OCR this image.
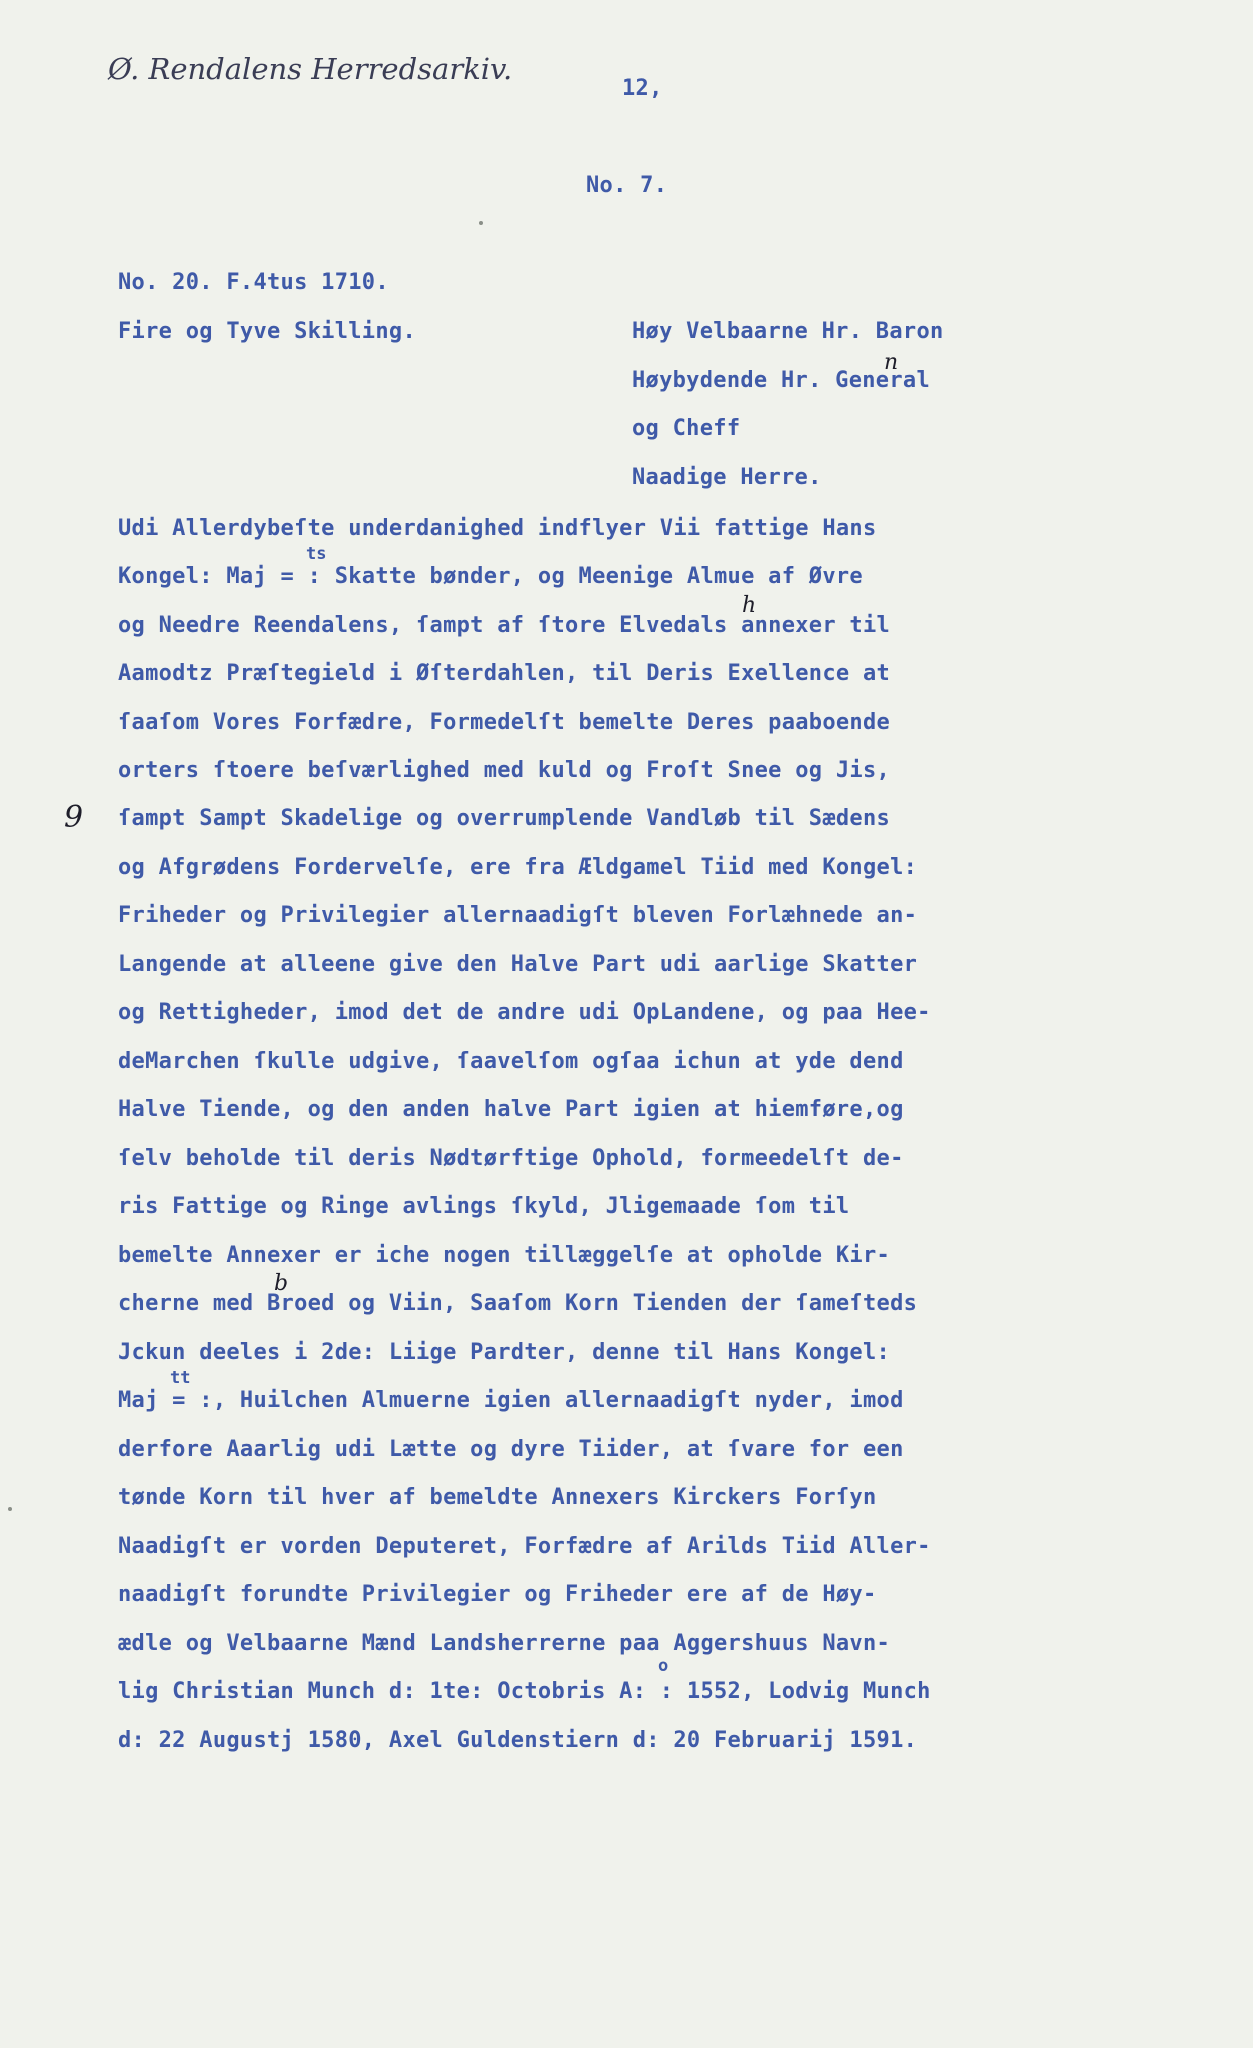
Ø. Rendalens Herredsarkiv.
12,
No. 7.
No. 20. F.4tus 1710.
Fire og Tyve Skilling.	Høy Velbaarne Hr. Baron
Høybydende Hr. General
og Cheff
Naadige Herre.
Udi Allerdybeſte underdanighed indflyer Vii fattige Hans
Kongel: Maj = : Skatte bønder, og Meenige Almue af Øvre
og Needre Reendalens, ſampt af ſtore Elvedals annexer til
Aamodtz Præſtegield i Øſterdahlen, til Deris Exellence at
ſaaſom Vores Forfædre, Formedelſt bemelte Deres paaboende
orters ſtoere beſværlighed med kuld og Froſt Snee og Jis,
ſampt Sampt Skadelige og overrumplende Vandløb til Sædens
og Afgrødens Fordervelſe, ere fra Ældgamel Tiid med Kongel:
Friheder og Privilegier allernaadigſt bleven Forlæhnede an-
Langende at alleene give den Halve Part udi aarlige Skatter
og Rettigheder, imod det de andre udi OpLandene, og paa Hee-
deMarchen ſkulle udgive, ſaavelſom ogſaa ichun at yde dend
Halve Tiende, og den anden halve Part igien at hiemføre,og
ſelv beholde til deris Nødtørftige Ophold, formeedelſt de-
ris Fattige og Ringe avlings ſkyld, Jligemaade ſom til
bemelte Annexer er iche nogen tillæggelſe at opholde Kir-
cherne med Broed og Viin, Saaſom Korn Tienden der ſameſteds
Jckun deeles i 2de: Liige Pardter, denne til Hans Kongel:
Maj = :, Huilchen Almuerne igien allernaadigſt nyder, imod
derfore Aaarlig udi Lætte og dyre Tiider, at ſvare for een
tønde Korn til hver af bemeldte Annexers Kirckers Forſyn
Naadigſt er vorden Deputeret, Forfædre af Arilds Tiid Aller-
naadigſt forundte Privilegier og Friheder ere af de Høy-
ædle og Velbaarne Mænd Landsherrerne paa Aggershuus Navn-
lig Christian Munch d: 1te: Octobris A: : 1552, Lodvig Munch
d: 22 Augustj 1580, Axel Guldenstiern d: 20 Februarij 1591.
ts
tt
o
9
n
h
b
